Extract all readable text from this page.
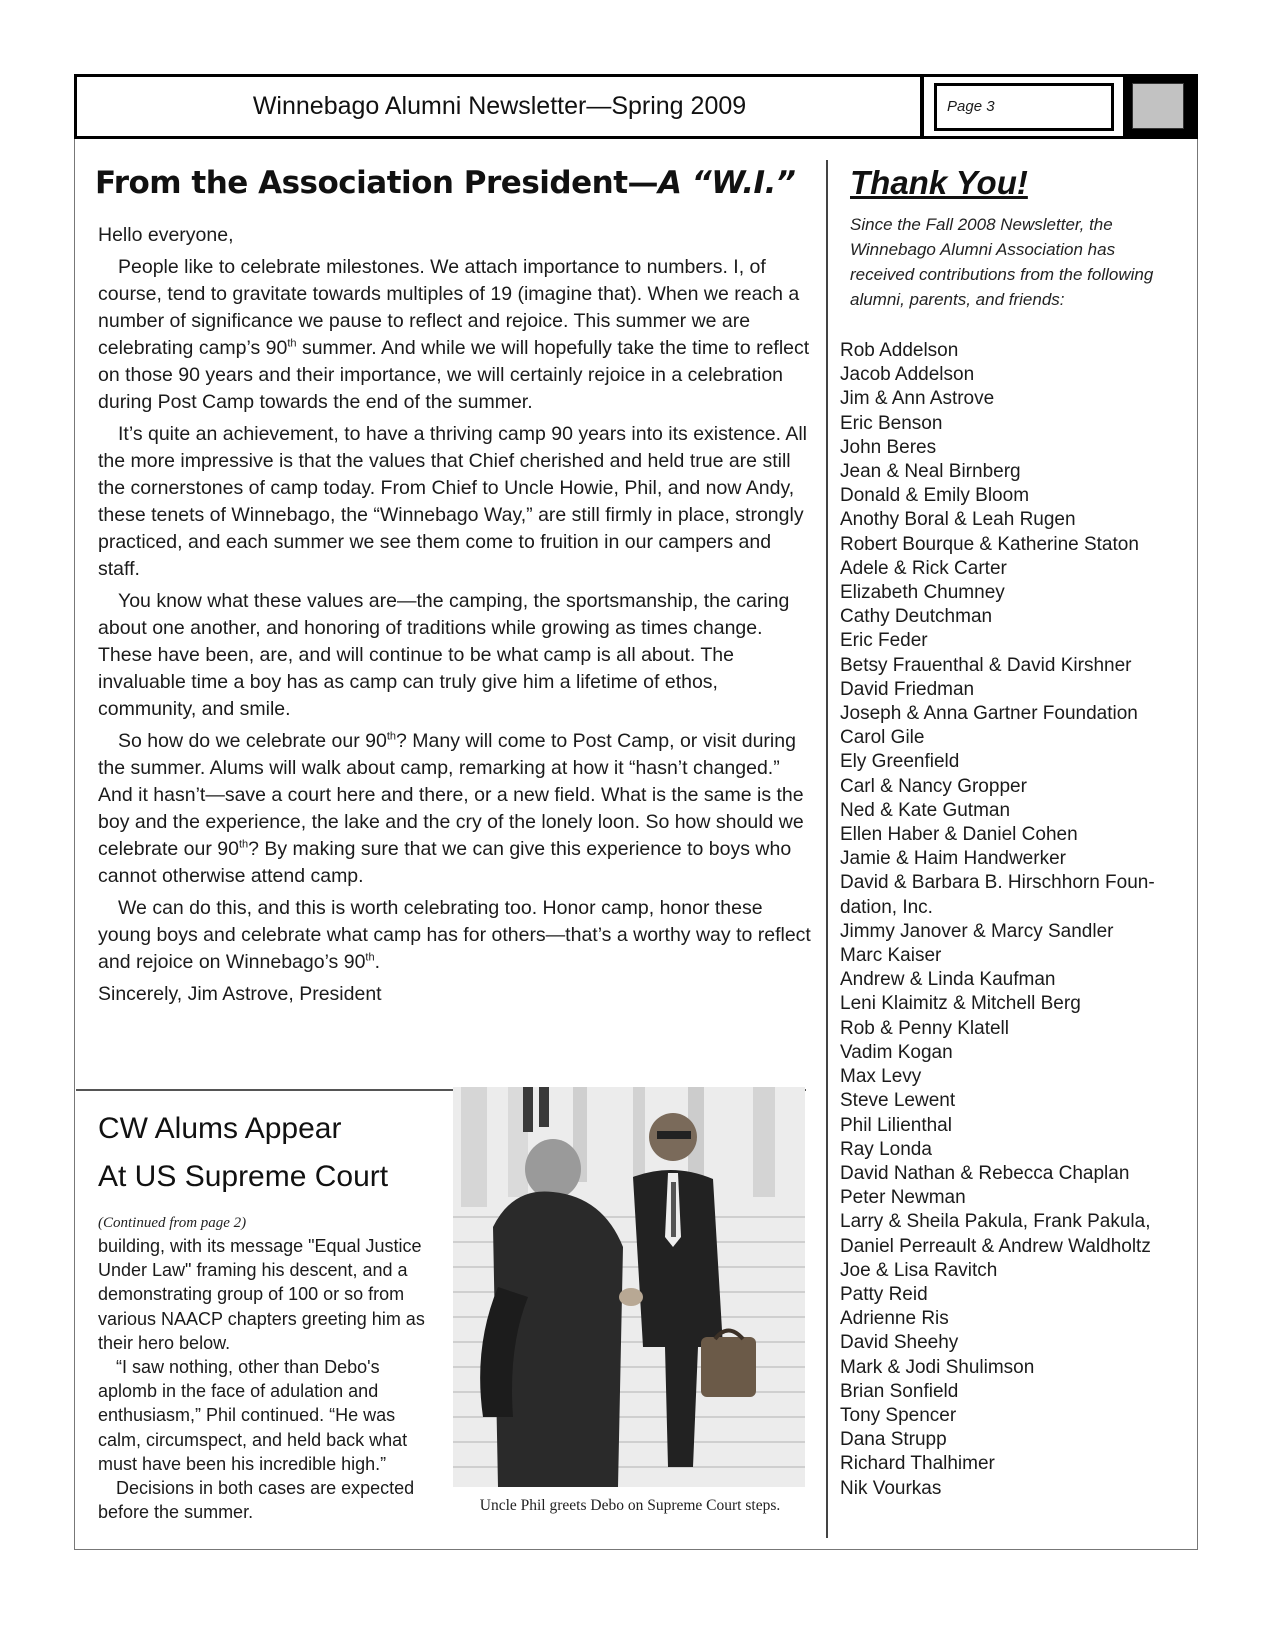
Winnebago Alumni Newsletter—Spring 2009	Page 3
From the Association President—A “W.I.”

Hello everyone,

People like to celebrate milestones. We attach importance to numbers. I, of course, tend to gravitate towards multiples of 19 (imagine that). When we reach a number of significance we pause to reflect and rejoice. This summer we are celebrating camp’s 90th summer. And while we will hopefully take the time to reflect on those 90 years and their importance, we will certainly rejoice in a celebration during Post Camp towards the end of the summer.

It’s quite an achievement, to have a thriving camp 90 years into its existence. All the more impressive is that the values that Chief cherished and held true are still the cornerstones of camp today. From Chief to Uncle Howie, Phil, and now Andy, these tenets of Winnebago, the “Winnebago Way,” are still firmly in place, strongly practiced, and each summer we see them come to fruition in our campers and staff.

You know what these values are—the camping, the sportsmanship, the caring about one another, and honoring of traditions while growing as times change. These have been, are, and will continue to be what camp is all about. The invaluable time a boy has as camp can truly give him a lifetime of ethos, community, and smile.

So how do we celebrate our 90th? Many will come to Post Camp, or visit during the summer. Alums will walk about camp, remarking at how it “hasn’t changed.” And it hasn’t—save a court here and there, or a new field. What is the same is the boy and the experience, the lake and the cry of the lonely loon. So how should we celebrate our 90th? By making sure that we can give this experience to boys who cannot otherwise attend camp.

We can do this, and this is worth celebrating too. Honor camp, honor these young boys and celebrate what camp has for others—that’s a worthy way to reflect and rejoice on Winnebago’s 90th.

Sincerely, Jim Astrove, President

Thank You!
Since the Fall 2008 Newsletter, the Winnebago Alumni Association has received contributions from the following alumni, parents, and friends:
Rob Addelson
Jacob Addelson
Jim & Ann Astrove
Eric Benson
John Beres
Jean & Neal Birnberg
Donald & Emily Bloom
Anothy Boral & Leah Rugen
Robert Bourque & Katherine Staton
Adele & Rick Carter
Elizabeth Chumney
Cathy Deutchman
Eric Feder
Betsy Frauenthal & David Kirshner
David Friedman
Joseph & Anna Gartner Foundation
Carol Gile
Ely Greenfield
Carl & Nancy Gropper
Ned & Kate Gutman
Ellen Haber & Daniel Cohen
Jamie & Haim Handwerker
David & Barbara B. Hirschhorn Foun-
dation, Inc.
Jimmy Janover & Marcy Sandler
Marc Kaiser
Andrew & Linda Kaufman
Leni Klaimitz & Mitchell Berg
Rob & Penny Klatell
Vadim Kogan
Max Levy
Steve Lewent
Phil Lilienthal
Ray Londa
David Nathan & Rebecca Chaplan
Peter Newman
Larry & Sheila Pakula, Frank Pakula,
Daniel Perreault & Andrew Waldholtz
Joe & Lisa Ravitch
Patty Reid
Adrienne Ris
David Sheehy
Mark & Jodi Shulimson
Brian Sonfield
Tony Spencer
Dana Strupp
Richard Thalhimer
Nik Vourkas
CW Alums Appear
At US Supreme Court
(Continued from page 2)

building, with its message "Equal Justice Under Law" framing his descent, and a demonstrating group of 100 or so from various NAACP chapters greeting him as their hero below.

“I saw nothing, other than Debo's aplomb in the face of adulation and enthusiasm,” Phil continued. “He was calm, circumspect, and held back what must have been his incredible high.”

Decisions in both cases are expected before the summer.	Uncle Phil greets Debo on Supreme Court steps.
